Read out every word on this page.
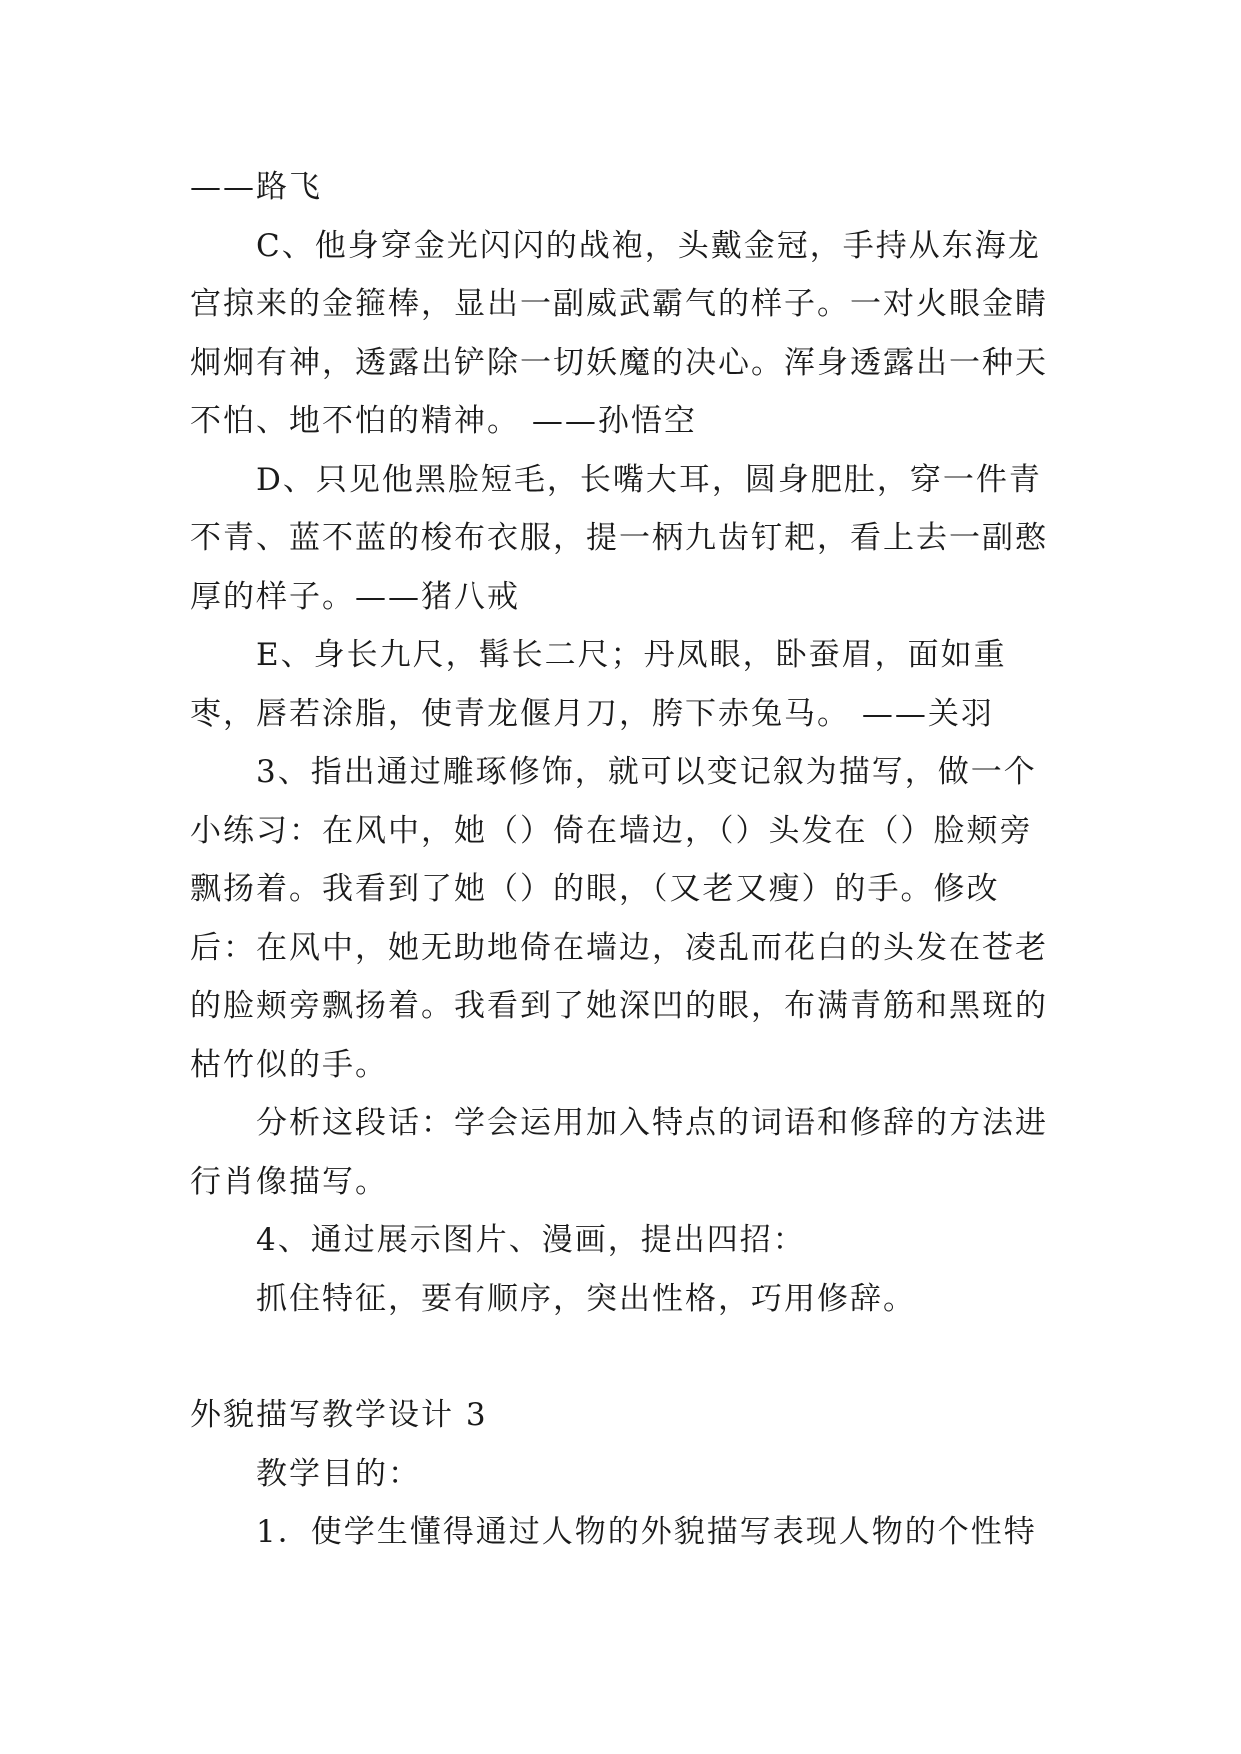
——路飞

C、他身穿金光闪闪的战袍，头戴金冠，手持从东海龙宫掠来的金箍棒，显出一副威武霸气的样子。一对火眼金睛炯炯有神，透露出铲除一切妖魔的决心。浑身透露出一种天不怕、地不怕的精神。 ——孙悟空

D、只见他黑脸短毛，长嘴大耳，圆身肥肚，穿一件青不青、蓝不蓝的梭布衣服，提一柄九齿钉耙，看上去一副憨厚的样子。——猪八戒

E、身长九尺，髯长二尺；丹凤眼，卧蚕眉，面如重枣，唇若涂脂，使青龙偃月刀，胯下赤兔马。 ——关羽

3、指出通过雕琢修饰，就可以变记叙为描写，做一个小练习：在风中，她（）倚在墙边，（）头发在（）脸颊旁飘扬着。我看到了她（）的眼，（又老又瘦）的手。修改后：在风中，她无助地倚在墙边，凌乱而花白的头发在苍老的脸颊旁飘扬着。我看到了她深凹的眼，布满青筋和黑斑的枯竹似的手。

分析这段话：学会运用加入特点的词语和修辞的方法进行肖像描写。

4、通过展示图片、漫画，提出四招：

抓住特征，要有顺序，突出性格，巧用修辞。

外貌描写教学设计 3

教学目的：

1．使学生懂得通过人物的外貌描写表现人物的个性特
